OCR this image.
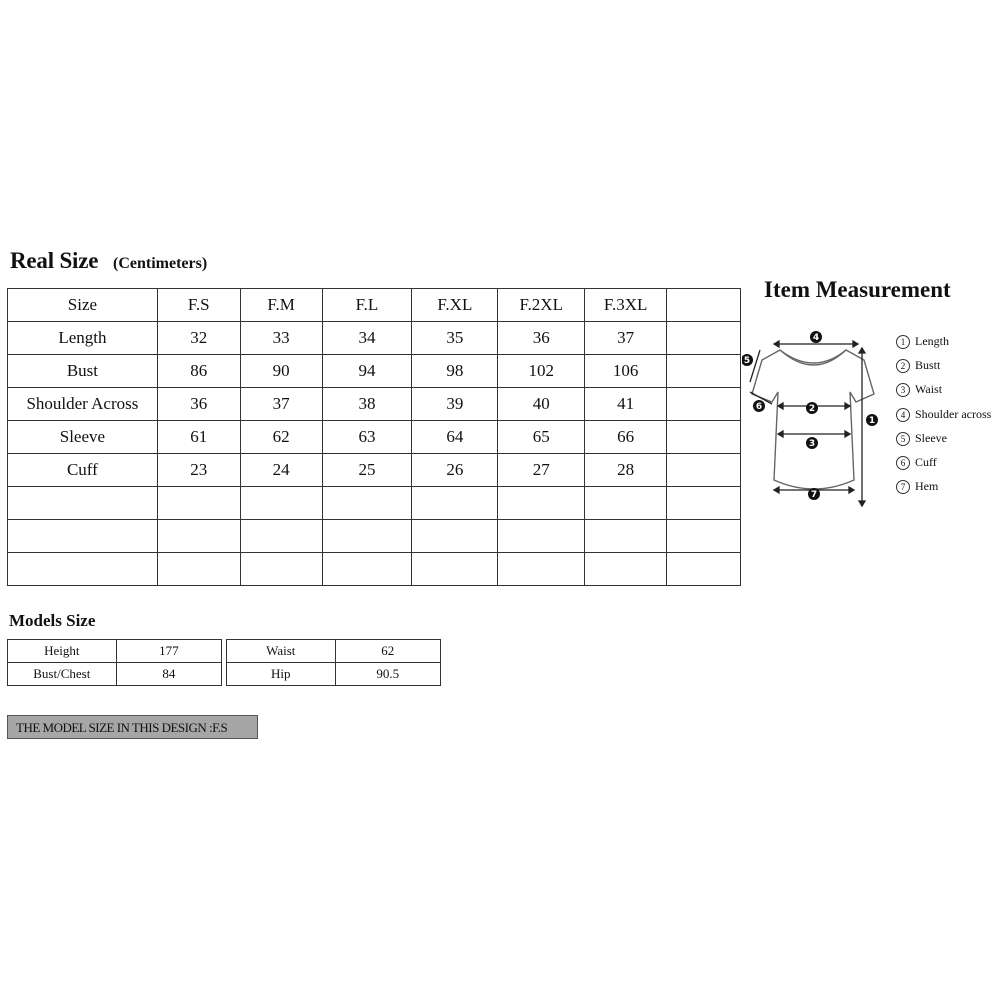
Real Size (Centimeters)
Size	F.S	F.M	F.L	F.XL	F.2XL	F.3XL	
Length	32	33	34	35	36	37	
Bust	86	90	94	98	102	106	
Shoulder Across	36	37	38	39	40	41	
Sleeve	61	62	63	64	65	66	
Cuff	23	24	25	26	27	28	

Models Size
Height	177
Bust/Chest	84
Waist	62
Hip	90.5
THE MODEL SIZE IN THIS DESIGN :F.S
Item Measurement
4
5
6	2
3
7
1
1 Length
2 Bustt
3 Waist
4 Shoulder across
5 Sleeve
6 Cuff
7 Hem
